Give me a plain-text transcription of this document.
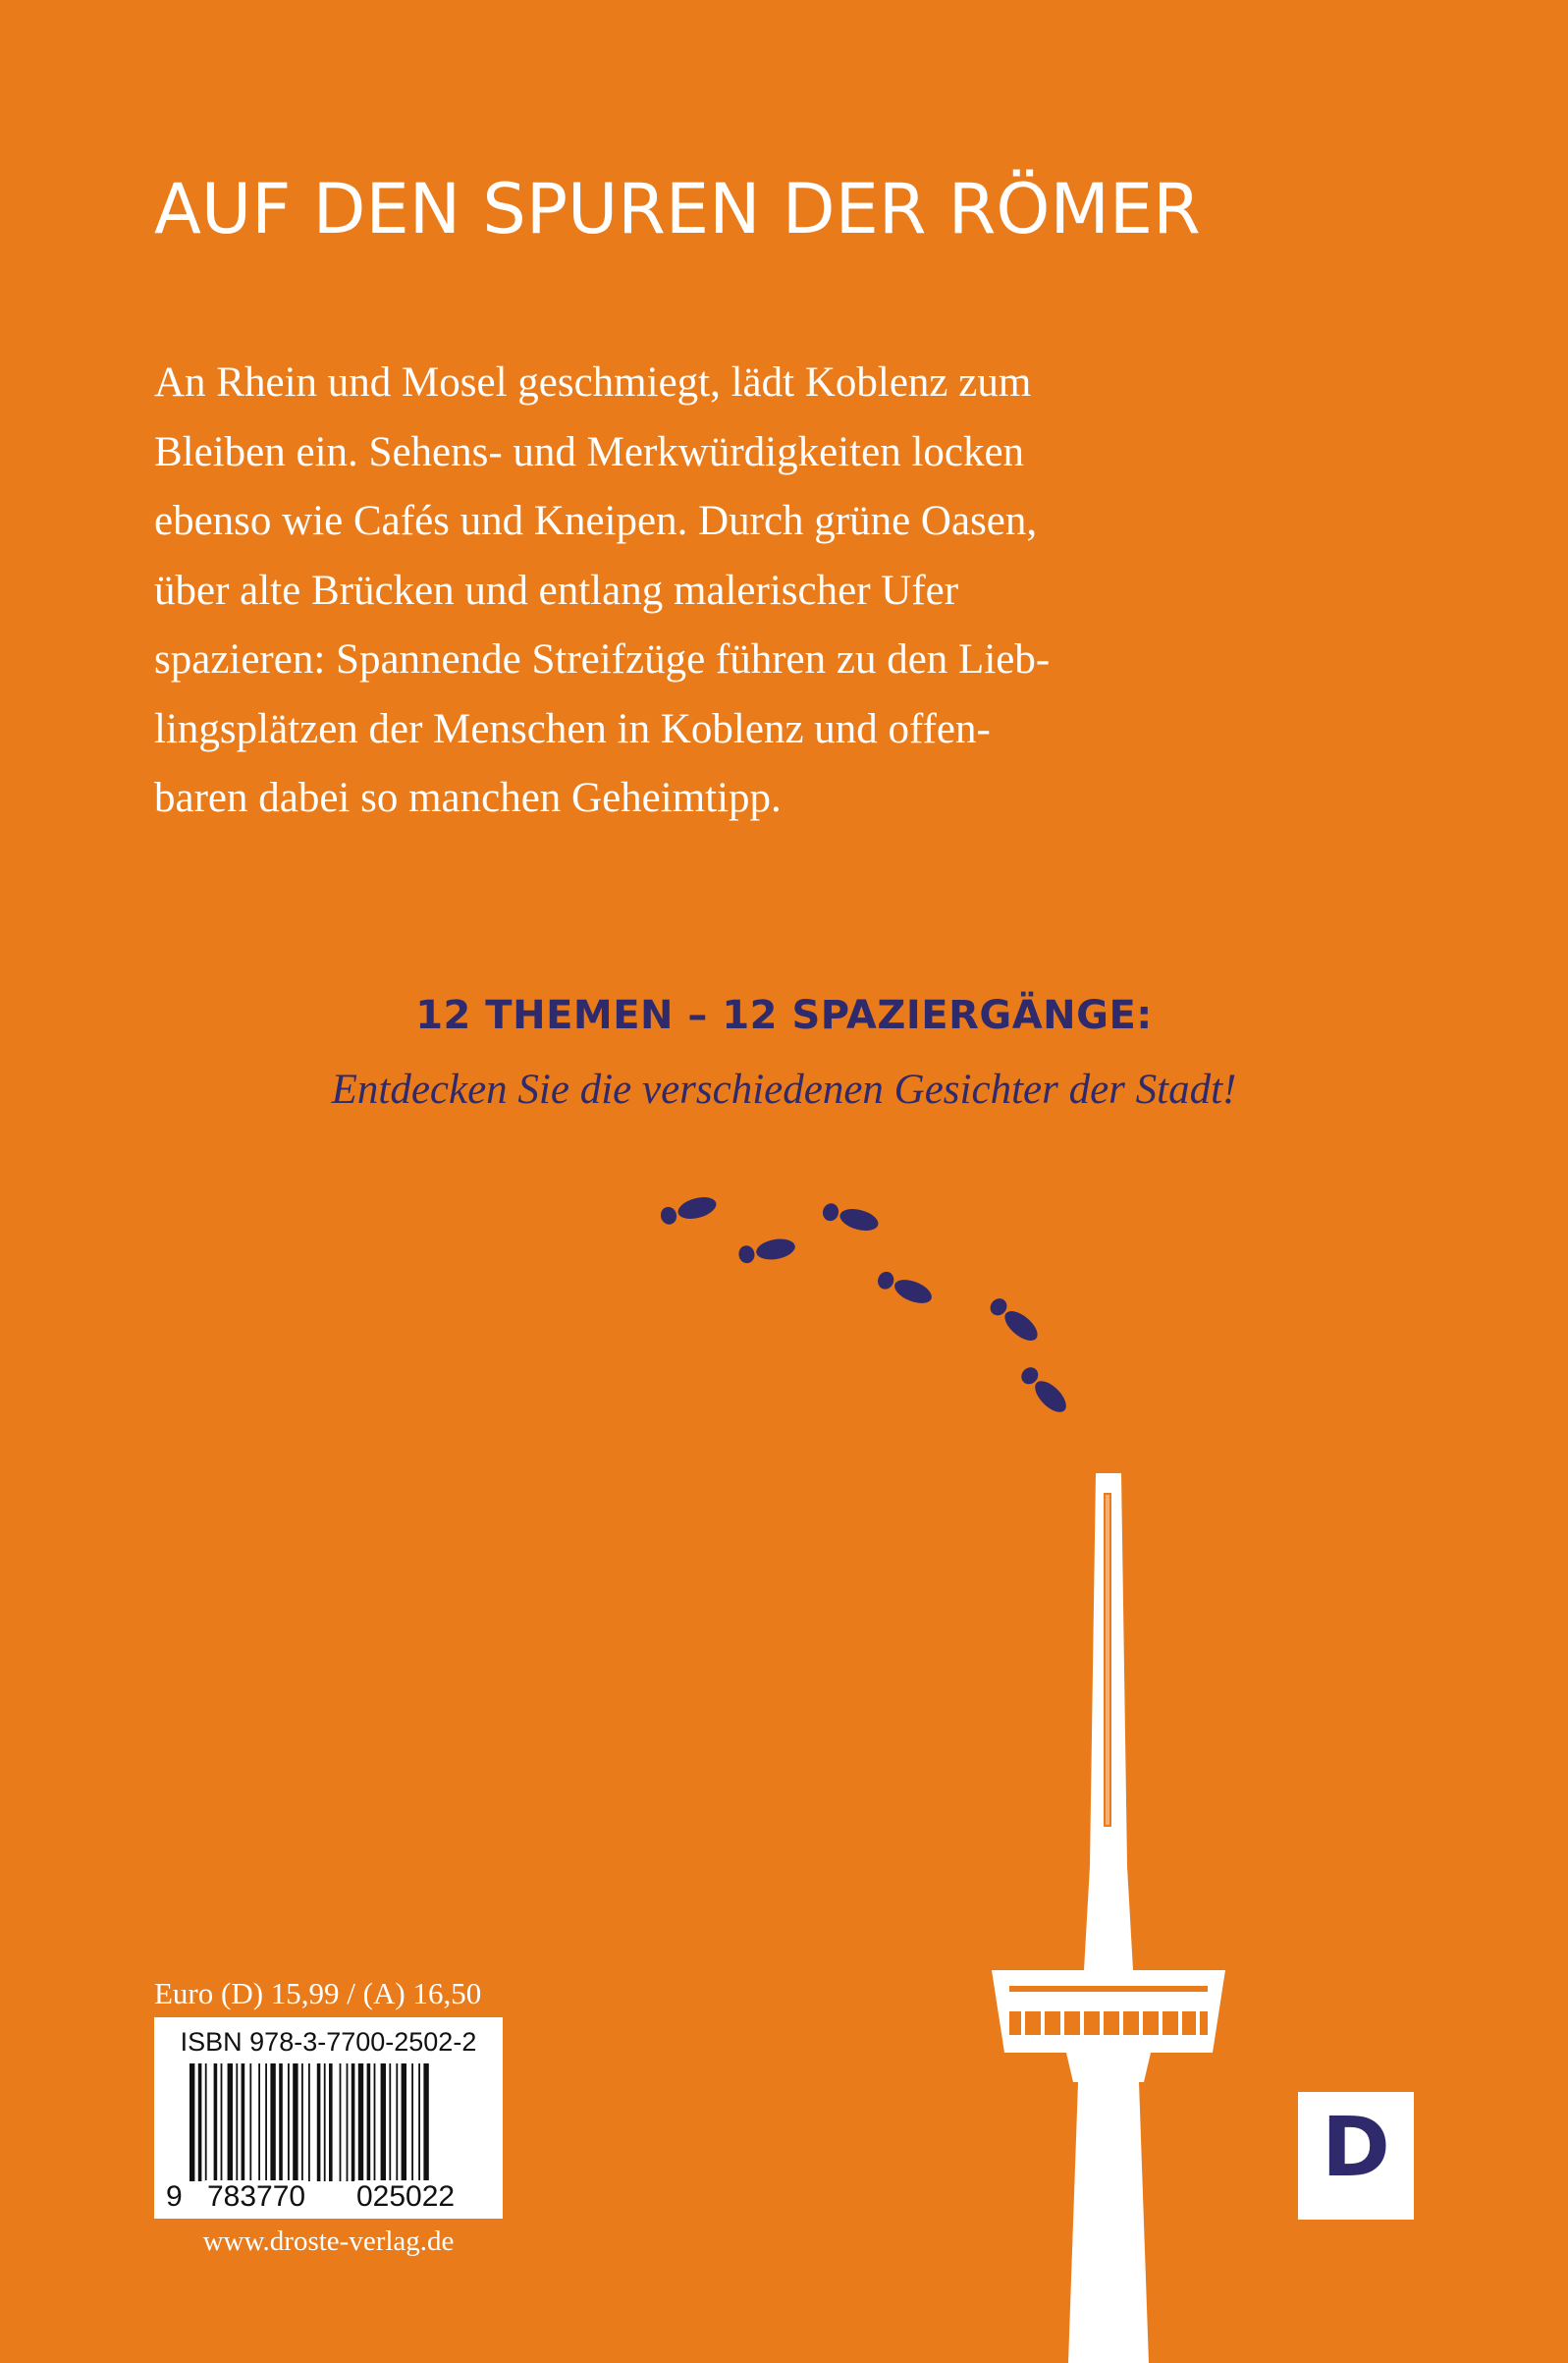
AUF DEN SPUREN DER RÖMER
An Rhein und Mosel geschmiegt, lädt Koblenz zum
Bleiben ein. Sehens- und Merkwürdigkeiten locken
ebenso wie Cafés und Kneipen. Durch grüne Oasen,
über alte Brücken und entlang malerischer Ufer
spazieren: Spannende Streifzüge führen zu den Lieb-
lingsplätzen der Menschen in Koblenz und offen-
baren dabei so manchen Geheimtipp.
12 THEMEN – 12 SPAZIERGÄNGE:
Entdecken Sie die verschiedenen Gesichter der Stadt!
Euro (D) 15,99 / (A) 16,50
ISBN 978-3-7700-2502-2
9 783770 025022
www.droste-verlag.de
D
